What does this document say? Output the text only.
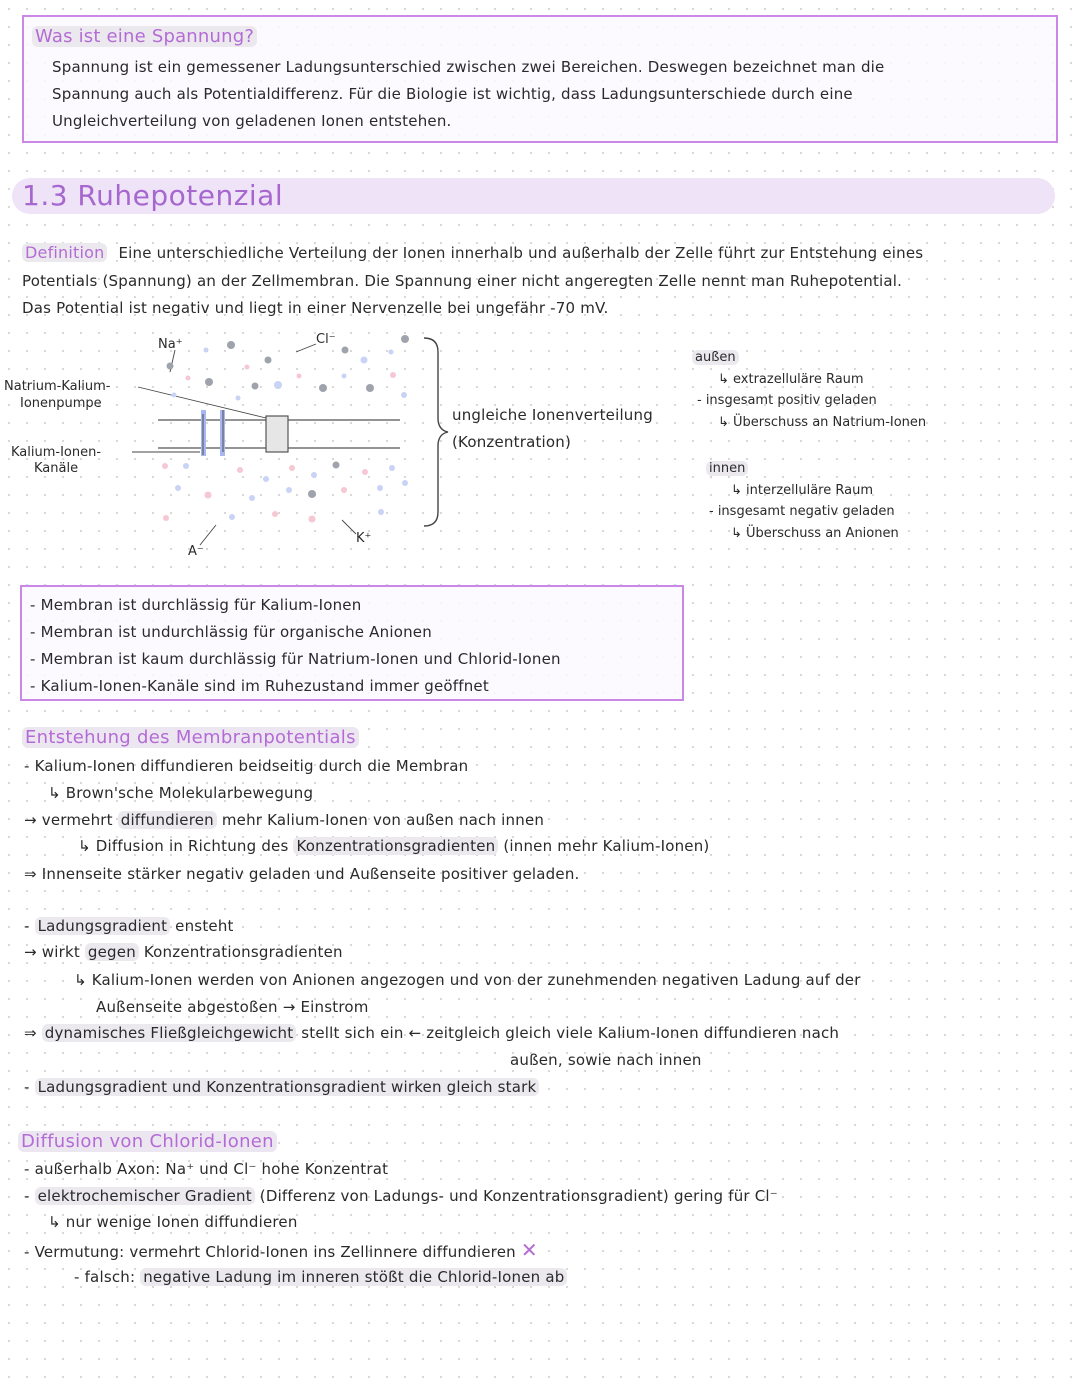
Was ist eine Spannung?
Spannung ist ein gemessener Ladungsunterschied zwischen zwei Bereichen. Deswegen bezeichnet man die
Spannung auch als Potentialdifferenz. Für die Biologie ist wichtig, dass Ladungsunterschiede durch eine
Ungleichverteilung von geladenen Ionen entstehen.
1.3 Ruhepotenzial
Definition Eine unterschiedliche Verteilung der Ionen innerhalb und außerhalb der Zelle führt zur Entstehung eines
Potentials (Spannung) an der Zellmembran. Die Spannung einer nicht angeregten Zelle nennt man Ruhepotential.
Das Potential ist negativ und liegt in einer Nervenzelle bei ungefähr -70 mV.
Na⁺	Cl⁻
K⁺
A⁻
Natrium-Kalium-
Ionenpumpe
Kalium-Ionen-
Kanäle
ungleiche Ionenverteilung
(Konzentration)
außen
↳ extrazelluläre Raum
- insgesamt positiv geladen
↳ Überschuss an Natrium-Ionen
innen
↳ interzelluläre Raum
- insgesamt negativ geladen
↳ Überschuss an Anionen
- Membran ist durchlässig für Kalium-Ionen
- Membran ist undurchlässig für organische Anionen
- Membran ist kaum durchlässig für Natrium-Ionen und Chlorid-Ionen
- Kalium-Ionen-Kanäle sind im Ruhezustand immer geöffnet
Entstehung des Membranpotentials
- Kalium-Ionen diffundieren beidseitig durch die Membran
↳ Brown'sche Molekularbewegung
→ vermehrt diffundieren mehr Kalium-Ionen von außen nach innen
↳ Diffusion in Richtung des Konzentrationsgradienten (innen mehr Kalium-Ionen)
⇒ Innenseite stärker negativ geladen und Außenseite positiver geladen.
- Ladungsgradient ensteht
→ wirkt gegen Konzentrationsgradienten
↳ Kalium-Ionen werden von Anionen angezogen und von der zunehmenden negativen Ladung auf der
Außenseite abgestoßen → Einstrom
⇒ dynamisches Fließgleichgewicht stellt sich ein ← zeitgleich gleich viele Kalium-Ionen diffundieren nach
außen, sowie nach innen
- Ladungsgradient und Konzentrationsgradient wirken gleich stark
Diffusion von Chlorid-Ionen
- außerhalb Axon: Na⁺ und Cl⁻ hohe Konzentrat
- elektrochemischer Gradient (Differenz von Ladungs- und Konzentrationsgradient) gering für Cl⁻
↳ nur wenige Ionen diffundieren
- Vermutung: vermehrt Chlorid-Ionen ins Zellinnere diffundieren ✕
- falsch: negative Ladung im inneren stößt die Chlorid-Ionen ab
